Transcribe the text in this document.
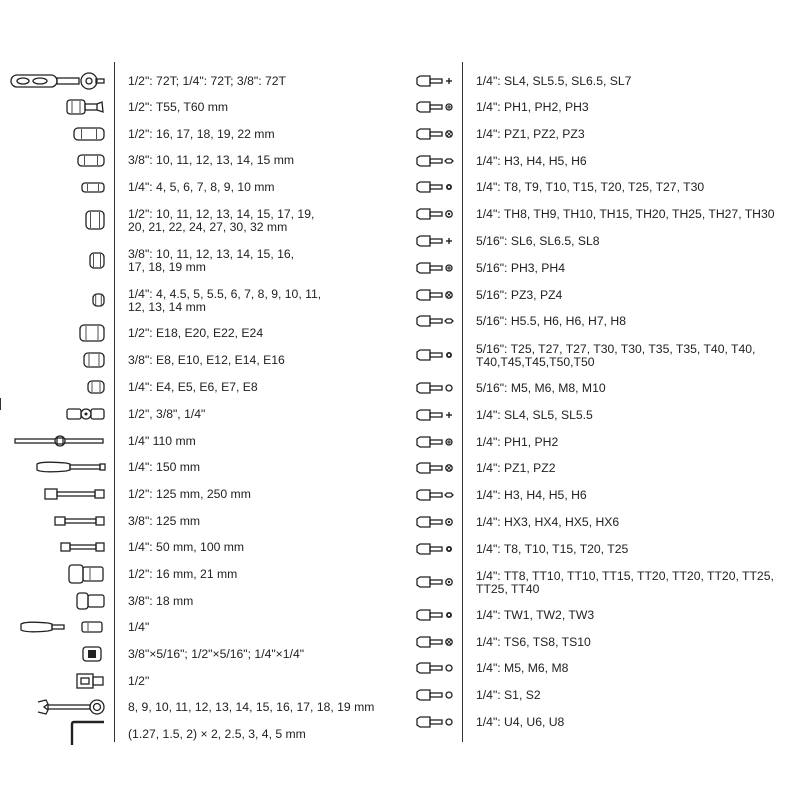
1/2": 72T; 1/4": 72T; 3/8": 72T
1/2": T55, T60 mm
1/2": 16, 17, 18, 19, 22 mm
3/8": 10, 11, 12, 13, 14, 15 mm
1/4": 4, 5, 6, 7, 8, 9, 10 mm
1/2": 10, 11, 12, 13, 14, 15, 17, 19,
20, 21, 22, 24, 27, 30, 32 mm
3/8": 10, 11, 12, 13, 14, 15, 16,
17, 18, 19 mm
1/4": 4, 4.5, 5, 5.5, 6, 7, 8, 9, 10, 11,
12, 13, 14 mm
1/2": E18, E20, E22, E24
3/8": E8, E10, E12, E14, E16
1/4": E4, E5, E6, E7, E8
1/2", 3/8", 1/4"
1/4" 110 mm
1/4": 150 mm
1/2": 125 mm, 250 mm
3/8": 125 mm
1/4": 50 mm, 100 mm
1/2": 16 mm, 21 mm
3/8": 18 mm
1/4"
3/8"×5/16"; 1/2"×5/16"; 1/4"×1/4"
1/2"
8, 9, 10, 11, 12, 13, 14, 15, 16, 17, 18, 19 mm
(1.27, 1.5, 2) × 2, 2.5, 3, 4, 5 mm
1/4": SL4, SL5.5, SL6.5, SL7
1/4": PH1, PH2, PH3
1/4": PZ1, PZ2, PZ3
1/4": H3, H4, H5, H6
1/4": T8, T9, T10, T15, T20, T25, T27, T30
1/4": TH8, TH9, TH10, TH15, TH20, TH25, TH27, TH30
5/16": SL6, SL6.5, SL8
5/16": PH3, PH4
5/16": PZ3, PZ4
5/16": H5.5, H6, H6, H7, H8
5/16": T25, T27, T27, T30, T30, T35, T35, T40, T40,
T40,T45,T45,T50,T50
5/16": M5, M6, M8, M10
1/4": SL4, SL5, SL5.5
1/4": PH1, PH2
1/4": PZ1, PZ2
1/4": H3, H4, H5, H6
1/4": HX3, HX4, HX5, HX6
1/4": T8, T10, T15, T20, T25
1/4": TT8, TT10, TT10, TT15, TT20, TT20, TT20, TT25,
TT25, TT40
1/4": TW1, TW2, TW3
1/4": TS6, TS8, TS10
1/4": M5, M6, M8
1/4": S1, S2
1/4": U4, U6, U8
